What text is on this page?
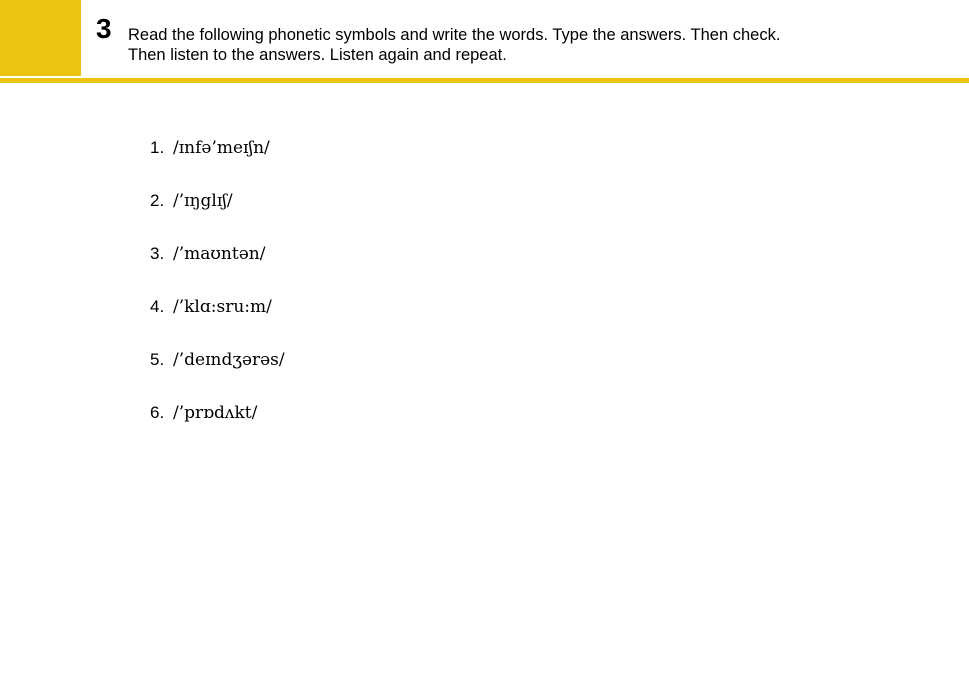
3 Read the following phonetic symbols and write the words. Type the answers. Then check.
Then listen to the answers. Listen again and repeat.
1. /ɪnfə’meɪʃn/
2. /’ɪŋglɪʃ/
3. /’maʊntən/
4. /’klɑ:sru:m/
5. /’deɪndʒərəs/
6. /’prɒdʌkt/
